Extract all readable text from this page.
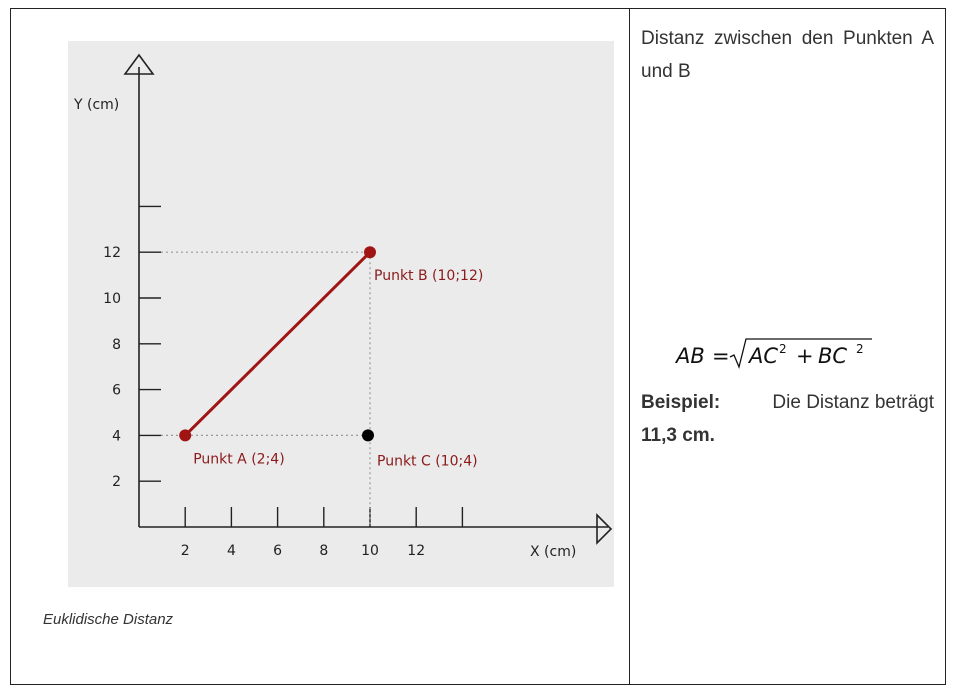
Y (cm)
X (cm)
2	4	6	8 10 12
2
4
6
8
10
12
Punkt A (2;4)
Punkt B (10;12)
Punkt C (10;4)
Euklidische Distanz
Distanz zwischen den Punkten A und B
AB = AC 2 + BC 2
Beispiel:	Die Distanz beträgt
11,3 cm.
